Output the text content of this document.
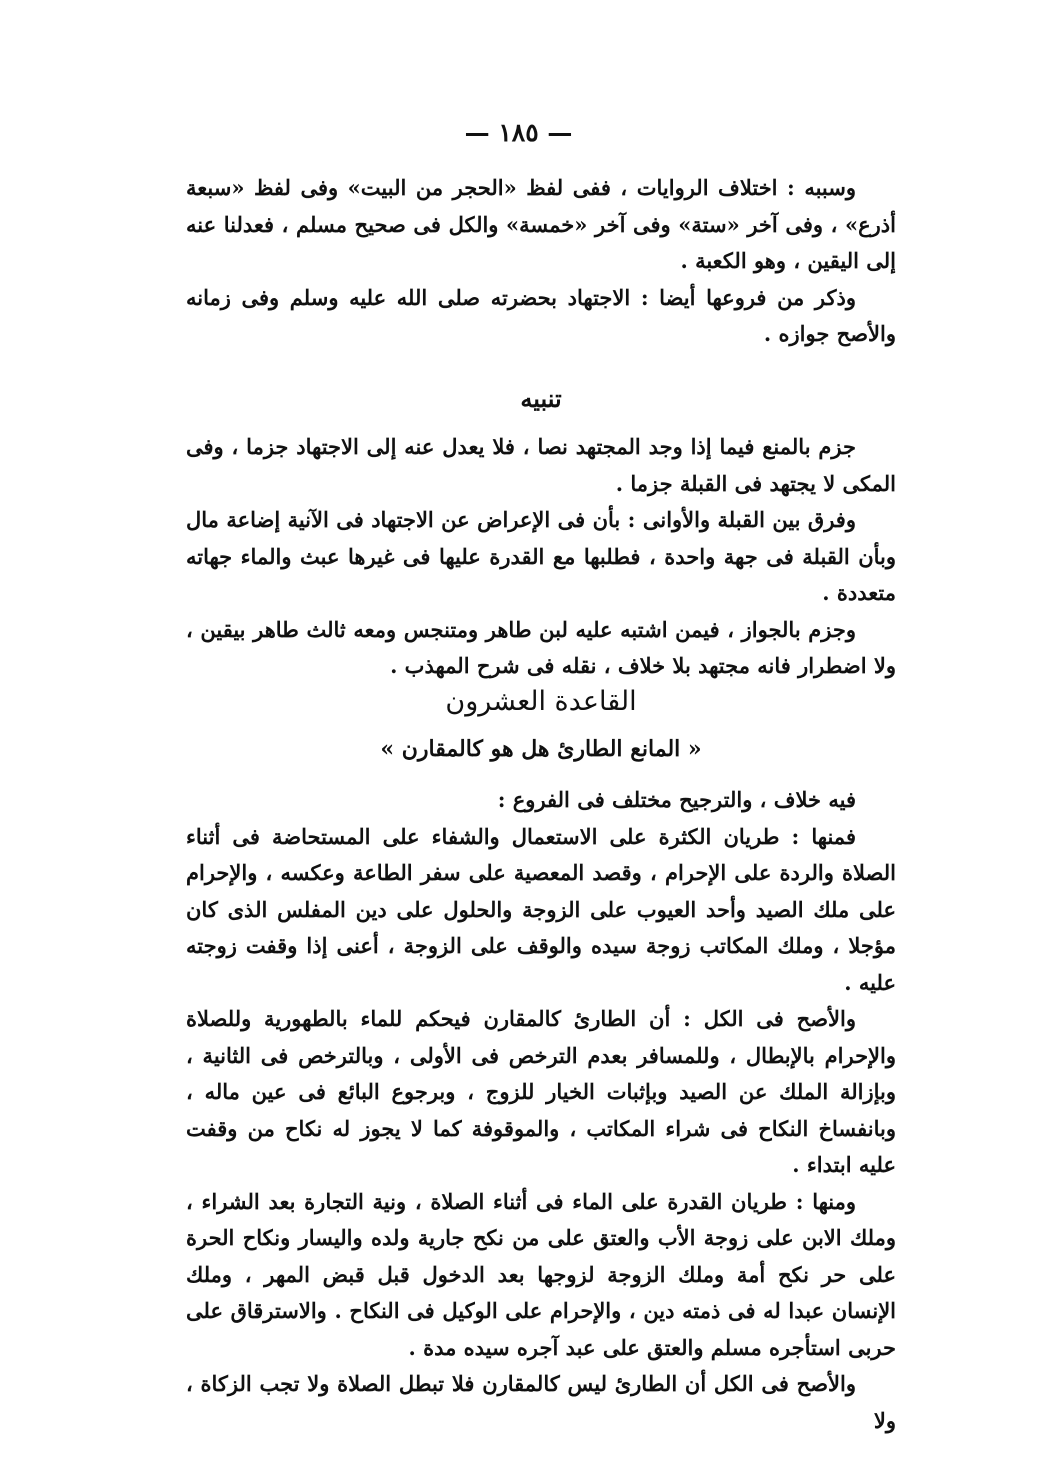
— ١٨٥ —

وسببه : اختلاف الروايات ، ففى لفظ «الحجر من البيت» وفى لفظ «سبعة أذرع» ، وفى آخر «ستة» وفى آخر «خمسة» والكل فى صحيح مسلم ، فعدلنا عنه إلى اليقين ، وهو الكعبة .

وذكر من فروعها أيضا : الاجتهاد بحضرته صلى الله عليه وسلم وفى زمانه والأصح جوازه .

تنبيه

جزم بالمنع فيما إذا وجد المجتهد نصا ، فلا يعدل عنه إلى الاجتهاد جزما ، وفى المكى لا يجتهد فى القبلة جزما .

وفرق بين القبلة والأوانى : بأن فى الإعراض عن الاجتهاد فى الآنية إضاعة مال وبأن القبلة فى جهة واحدة ، فطلبها مع القدرة عليها فى غيرها عبث والماء جهاته متعددة .

وجزم بالجواز ، فيمن اشتبه عليه لبن طاهر ومتنجس ومعه ثالث طاهر بيقين ، ولا اضطرار فانه مجتهد بلا خلاف ، نقله فى شرح المهذب .

القاعدة العشرون
« المانع الطارئ هل هو كالمقارن »

فيه خلاف ، والترجيح مختلف فى الفروع :

فمنها : طريان الكثرة على الاستعمال والشفاء على المستحاضة فى أثناء الصلاة والردة على الإحرام ، وقصد المعصية على سفر الطاعة وعكسه ، والإحرام على ملك الصيد وأحد العيوب على الزوجة والحلول على دين المفلس الذى كان مؤجلا ، وملك المكاتب زوجة سيده والوقف على الزوجة ، أعنى إذا وقفت زوجته عليه .

والأصح فى الكل : أن الطارئ كالمقارن فيحكم للماء بالطهورية وللصلاة والإحرام بالإبطال ، وللمسافر بعدم الترخص فى الأولى ، وبالترخص فى الثانية ، وبإزالة الملك عن الصيد وبإثبات الخيار للزوج ، وبرجوع البائع فى عين ماله ، وبانفساخ النكاح فى شراء المكاتب ، والموقوفة كما لا يجوز له نكاح من وقفت عليه ابتداء .

ومنها : طريان القدرة على الماء فى أثناء الصلاة ، ونية التجارة بعد الشراء ، وملك الابن على زوجة الأب والعتق على من نكح جارية ولده واليسار ونكاح الحرة على حر نكح أمة وملك الزوجة لزوجها بعد الدخول قبل قبض المهر ، وملك الإنسان عبدا له فى ذمته دين ، والإحرام على الوكيل فى النكاح . والاسترقاق على حربى استأجره مسلم والعتق على عبد آجره سيده مدة .

والأصح فى الكل أن الطارئ ليس كالمقارن فلا تبطل الصلاة ولا تجب الزكاة ، ولا
